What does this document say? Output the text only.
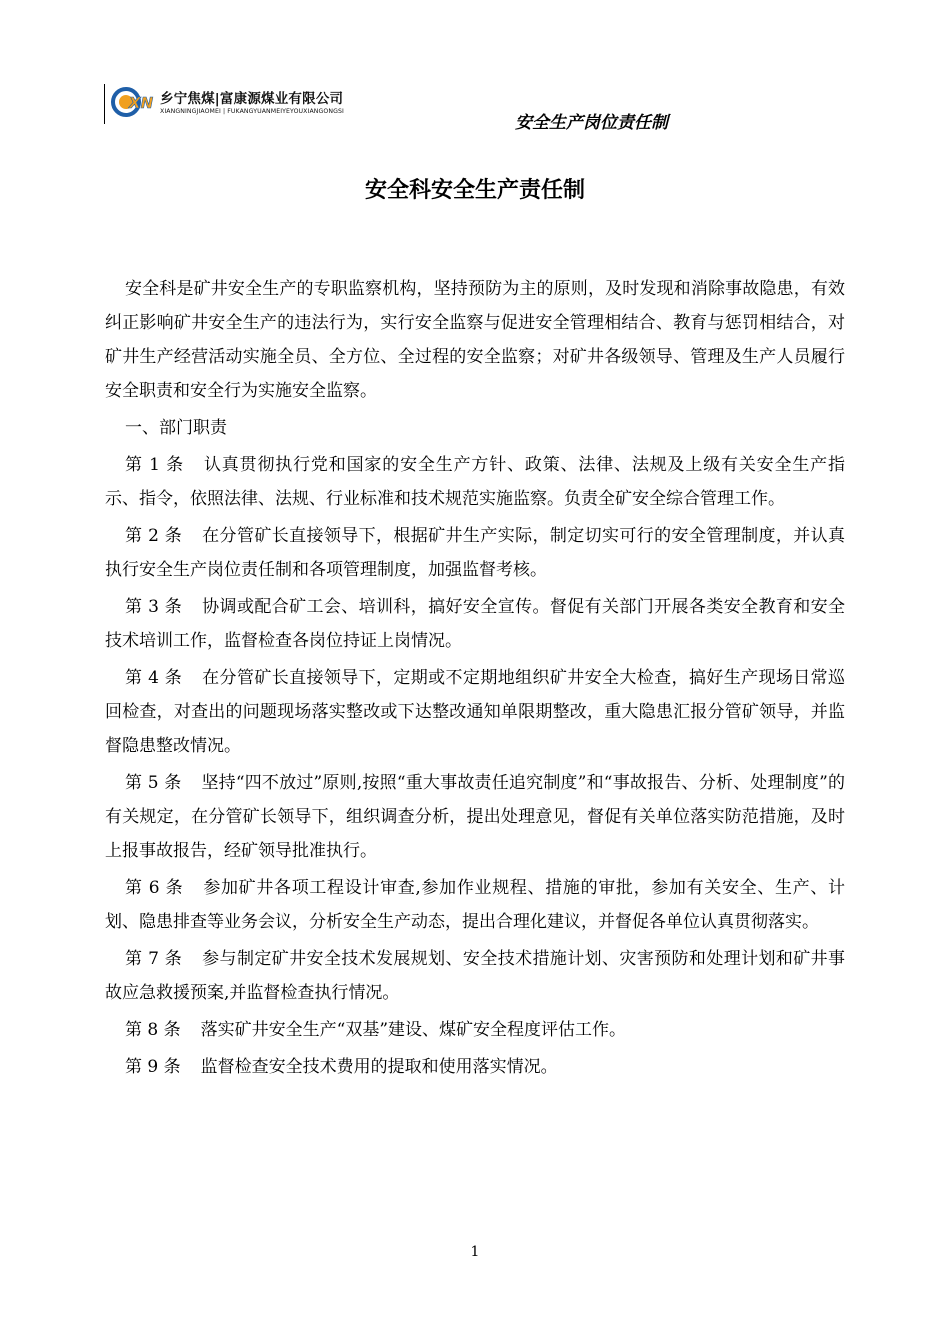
XN 乡宁焦煤|富康源煤业有限公司
XIANGNINGJIAOMEI | FUKANGYUANMEIYEYOUXIANGONGSI
安全生产岗位责任制
安全科安全生产责任制

安全科是矿井安全生产的专职监察机构，坚持预防为主的原则，及时发现和消除事故隐患，有效纠正影响矿井安全生产的违法行为，实行安全监察与促进安全管理相结合、教育与惩罚相结合，对矿井生产经营活动实施全员、全方位、全过程的安全监察；对矿井各级领导、管理及生产人员履行安全职责和安全行为实施安全监察。

一、部门职责

第 1 条 认真贯彻执行党和国家的安全生产方针、政策、法律、法规及上级有关安全生产指示、指令，依照法律、法规、行业标准和技术规范实施监察。负责全矿安全综合管理工作。

第 2 条 在分管矿长直接领导下，根据矿井生产实际，制定切实可行的安全管理制度，并认真执行安全生产岗位责任制和各项管理制度，加强监督考核。

第 3 条 协调或配合矿工会、培训科，搞好安全宣传。督促有关部门开展各类安全教育和安全技术培训工作，监督检查各岗位持证上岗情况。

第 4 条 在分管矿长直接领导下，定期或不定期地组织矿井安全大检查，搞好生产现场日常巡回检查，对查出的问题现场落实整改或下达整改通知单限期整改，重大隐患汇报分管矿领导，并监督隐患整改情况。

第 5 条 坚持“四不放过”原则,按照“重大事故责任追究制度”和“事故报告、分析、处理制度”的有关规定，在分管矿长领导下，组织调查分析，提出处理意见，督促有关单位落实防范措施，及时上报事故报告，经矿领导批准执行。

第 6 条 参加矿井各项工程设计审查,参加作业规程、措施的审批，参加有关安全、生产、计划、隐患排查等业务会议，分析安全生产动态，提出合理化建议，并督促各单位认真贯彻落实。

第 7 条 参与制定矿井安全技术发展规划、安全技术措施计划、灾害预防和处理计划和矿井事故应急救援预案,并监督检查执行情况。

第 8 条 落实矿井安全生产“双基”建设、煤矿安全程度评估工作。

第 9 条 监督检查安全技术费用的提取和使用落实情况。

1
